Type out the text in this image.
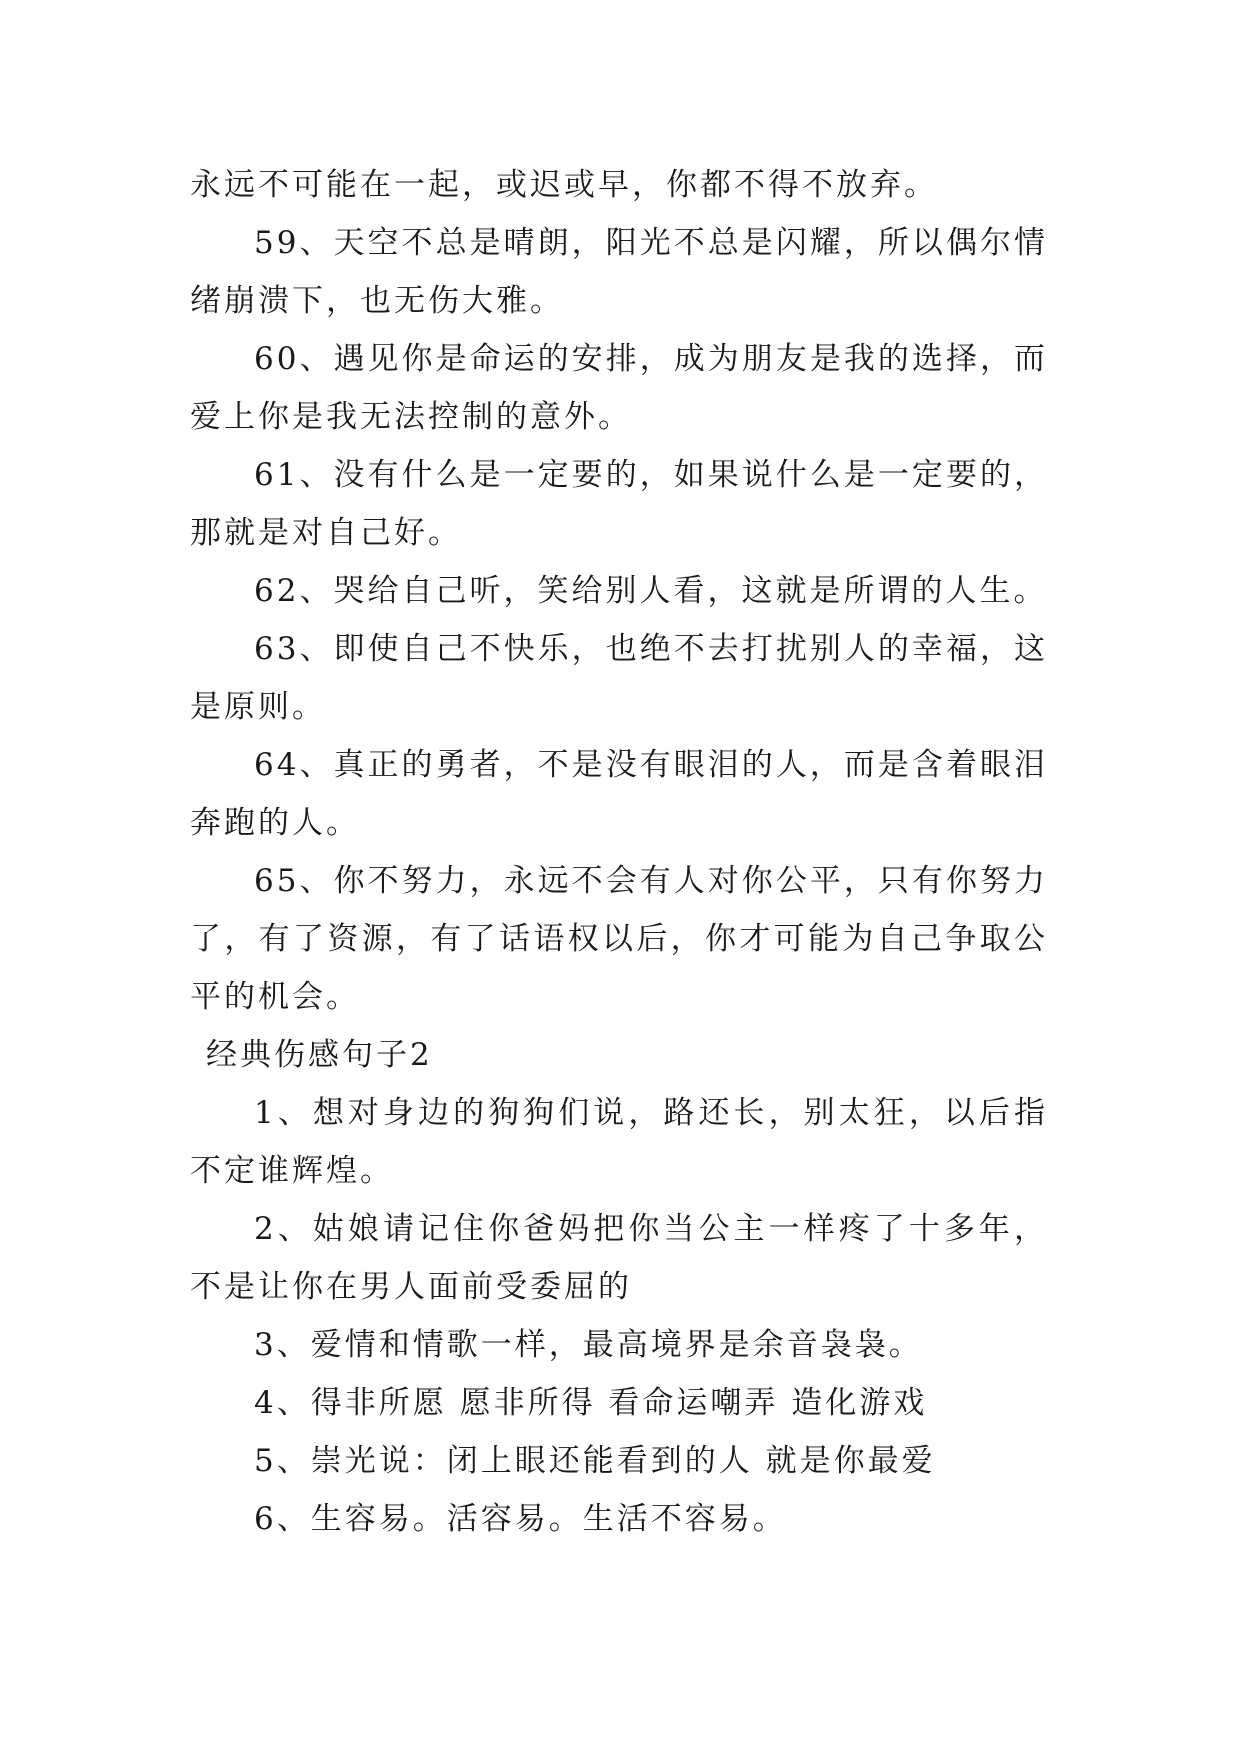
永远不可能在一起，或迟或早，你都不得不放弃。

59、天空不总是晴朗，阳光不总是闪耀，所以偶尔情绪崩溃下，也无伤大雅。

60、遇见你是命运的安排，成为朋友是我的选择，而爱上你是我无法控制的意外。

61、没有什么是一定要的，如果说什么是一定要的，那就是对自己好。

62、哭给自己听，笑给别人看，这就是所谓的人生。

63、即使自己不快乐，也绝不去打扰别人的幸福，这是原则。

64、真正的勇者，不是没有眼泪的人，而是含着眼泪奔跑的人。

65、你不努力，永远不会有人对你公平，只有你努力了，有了资源，有了话语权以后，你才可能为自己争取公平的机会。

经典伤感句子2

1、想对身边的狗狗们说，路还长，别太狂，以后指不定谁辉煌。

2、姑娘请记住你爸妈把你当公主一样疼了十多年，不是让你在男人面前受委屈的

3、爱情和情歌一样，最高境界是余音袅袅。

4、得非所愿 愿非所得 看命运嘲弄 造化游戏

5、崇光说：闭上眼还能看到的人 就是你最爱

6、生容易。活容易。生活不容易。
